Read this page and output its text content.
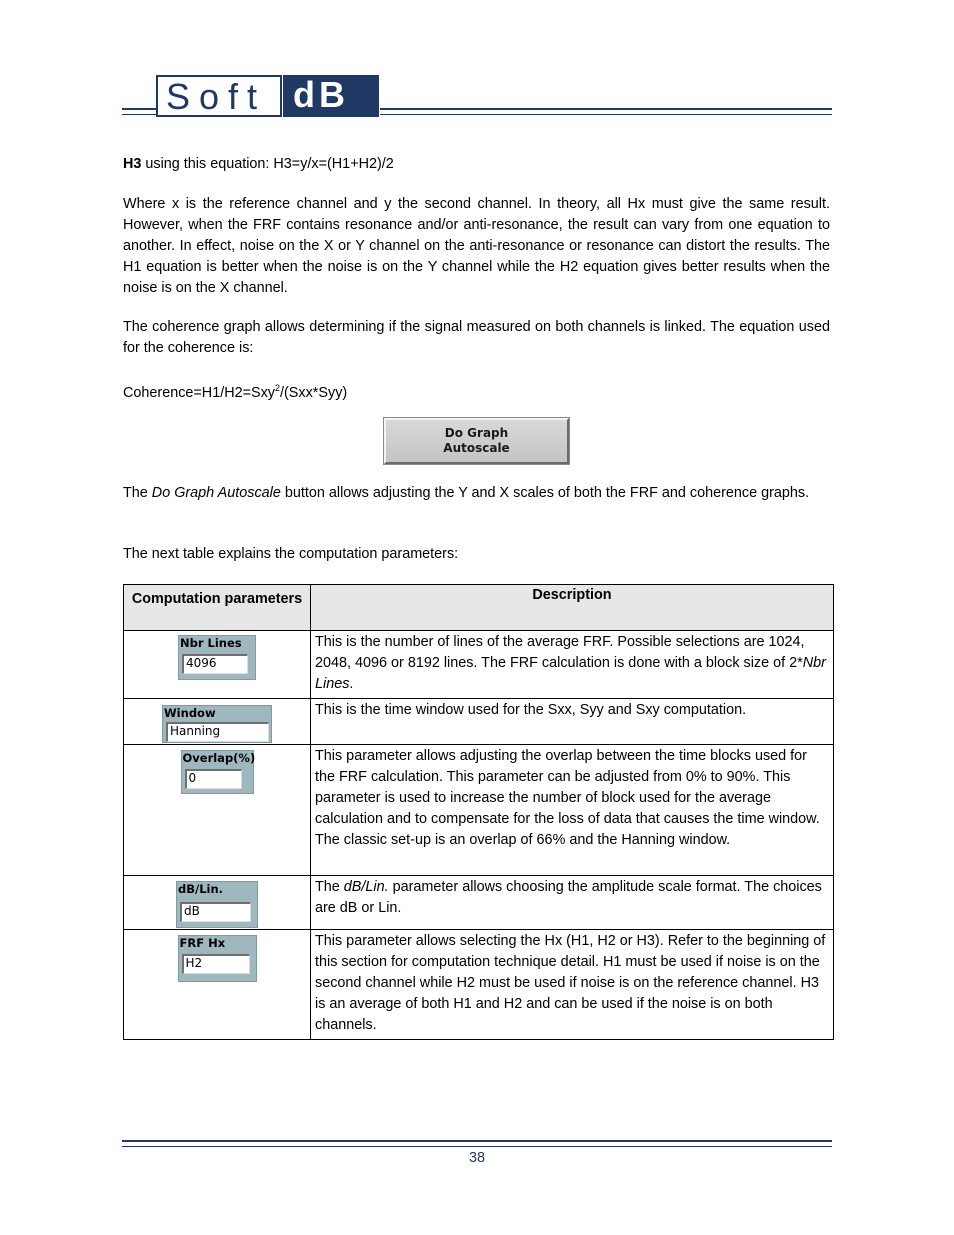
Soft dB
H3 using this equation: H3=y/x=(H1+H2)/2

Where x is the reference channel and y the second channel. In theory, all Hx must give the same result. However, when the FRF contains resonance and/or anti-resonance, the result can vary from one equation to another. In effect, noise on the X or Y channel on the anti-resonance or resonance can distort the results. The H1 equation is better when the noise is on the Y channel while the H2 equation gives better results when the noise is on the X channel.

The coherence graph allows determining if the signal measured on both channels is linked. The equation used for the coherence is:

Coherence=H1/H2=Sxy$^2$/(Sxx*Syy)
Do Graph
Autoscale
The Do Graph Autoscale button allows adjusting the Y and X scales of both the FRF and coherence graphs.

The next table explains the computation parameters:

Computation parameters	Description

Nbr Lines
4096	This is the number of lines of the average FRF. Possible selections are 1024, 2048, 4096 or 8192 lines. The FRF calculation is done with a block size of 2*Nbr Lines.

Window
Hanning	This is the time window used for the Sxx, Syy and Sxy computation.

Overlap(%)
0	This parameter allows adjusting the overlap between the time blocks used for the FRF calculation. This parameter can be adjusted from 0% to 90%. This parameter is used to increase the number of block used for the average calculation and to compensate for the loss of data that causes the time window. The classic set-up is an overlap of 66% and the Hanning window.

dB/Lin.
dB	The dB/Lin. parameter allows choosing the amplitude scale format. The choices are dB or Lin.

FRF Hx
H2	This parameter allows selecting the Hx (H1, H2 or H3). Refer to the beginning of this section for computation technique detail. H1 must be used if noise is on the second channel while H2 must be used if noise is on the reference channel. H3 is an average of both H1 and H2 and can be used if the noise is on both channels.
38
